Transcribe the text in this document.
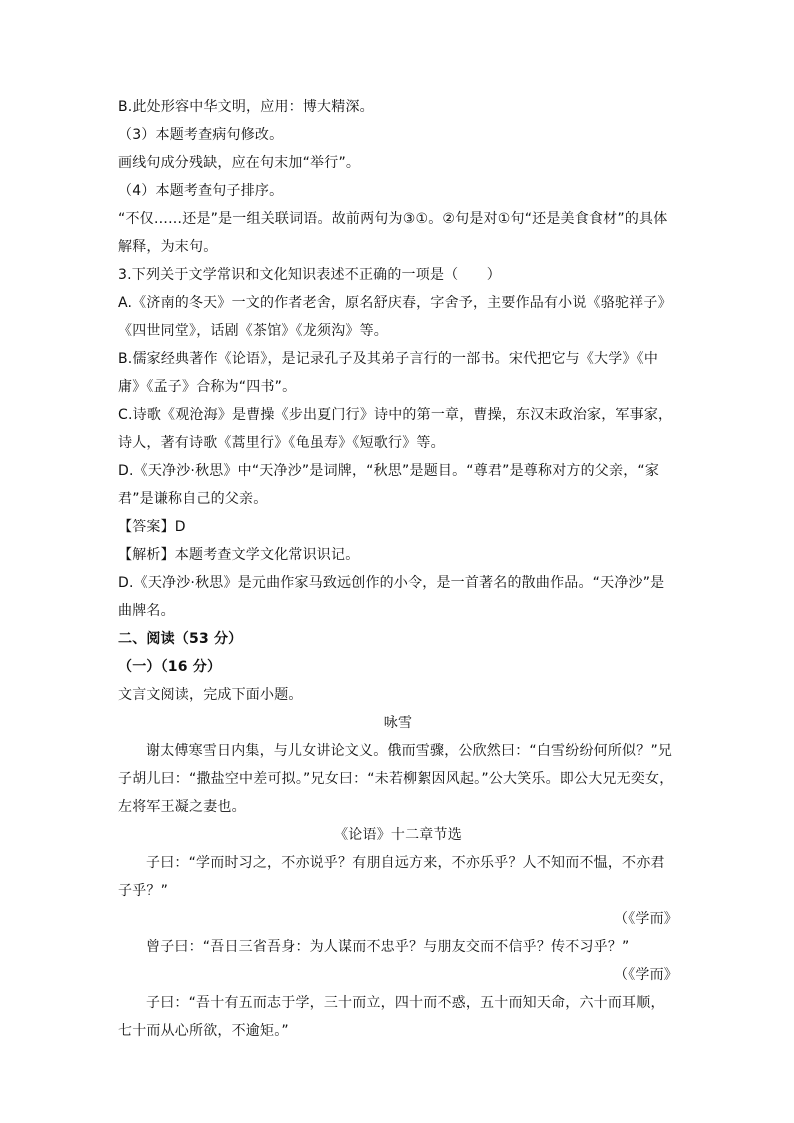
B.此处形容中华文明，应用：博大精深。

（3）本题考查病句修改。

画线句成分残缺，应在句末加“举行”。

（4）本题考查句子排序。

“不仅……还是”是一组关联词语。故前两句为③①。②句是对①句“还是美食食材”的具体解释，为末句。

3.下列关于文学常识和文化知识表述不正确的一项是（　　）

A.《济南的冬天》一文的作者老舍，原名舒庆春，字舍予，主要作品有小说《骆驼祥子》《四世同堂》，话剧《茶馆》《龙须沟》等。

B.儒家经典著作《论语》，是记录孔子及其弟子言行的一部书。宋代把它与《大学》《中庸》《孟子》合称为“四书”。

C.诗歌《观沧海》是曹操《步出夏门行》诗中的第一章，曹操，东汉末政治家，军事家，诗人，著有诗歌《蒿里行》《龟虽寿》《短歌行》等。

D.《天净沙·秋思》中“天净沙”是词牌，“秋思”是题目。“尊君”是尊称对方的父亲，“家君”是谦称自己的父亲。

【答案】D

【解析】本题考查文学文化常识识记。

D.《天净沙·秋思》是元曲作家马致远创作的小令，是一首著名的散曲作品。“天净沙”是曲牌名。

二、阅读（53 分）

（一）（16 分）

文言文阅读，完成下面小题。

咏雪

谢太傅寒雪日内集，与儿女讲论文义。俄而雪骤，公欣然曰：“白雪纷纷何所似？”兄子胡儿曰：“撒盐空中差可拟。”兄女曰：“未若柳絮因风起。”公大笑乐。即公大兄无奕女，左将军王凝之妻也。

《论语》十二章节选

子曰：“学而时习之，不亦说乎？有朋自远方来，不亦乐乎？人不知而不愠，不亦君子乎？”

（《学而》

曾子曰：“吾日三省吾身：为人谋而不忠乎？与朋友交而不信乎？传不习乎？”

（《学而》

子曰：“吾十有五而志于学，三十而立，四十而不惑，五十而知天命，六十而耳顺，七十而从心所欲，不逾矩。”
